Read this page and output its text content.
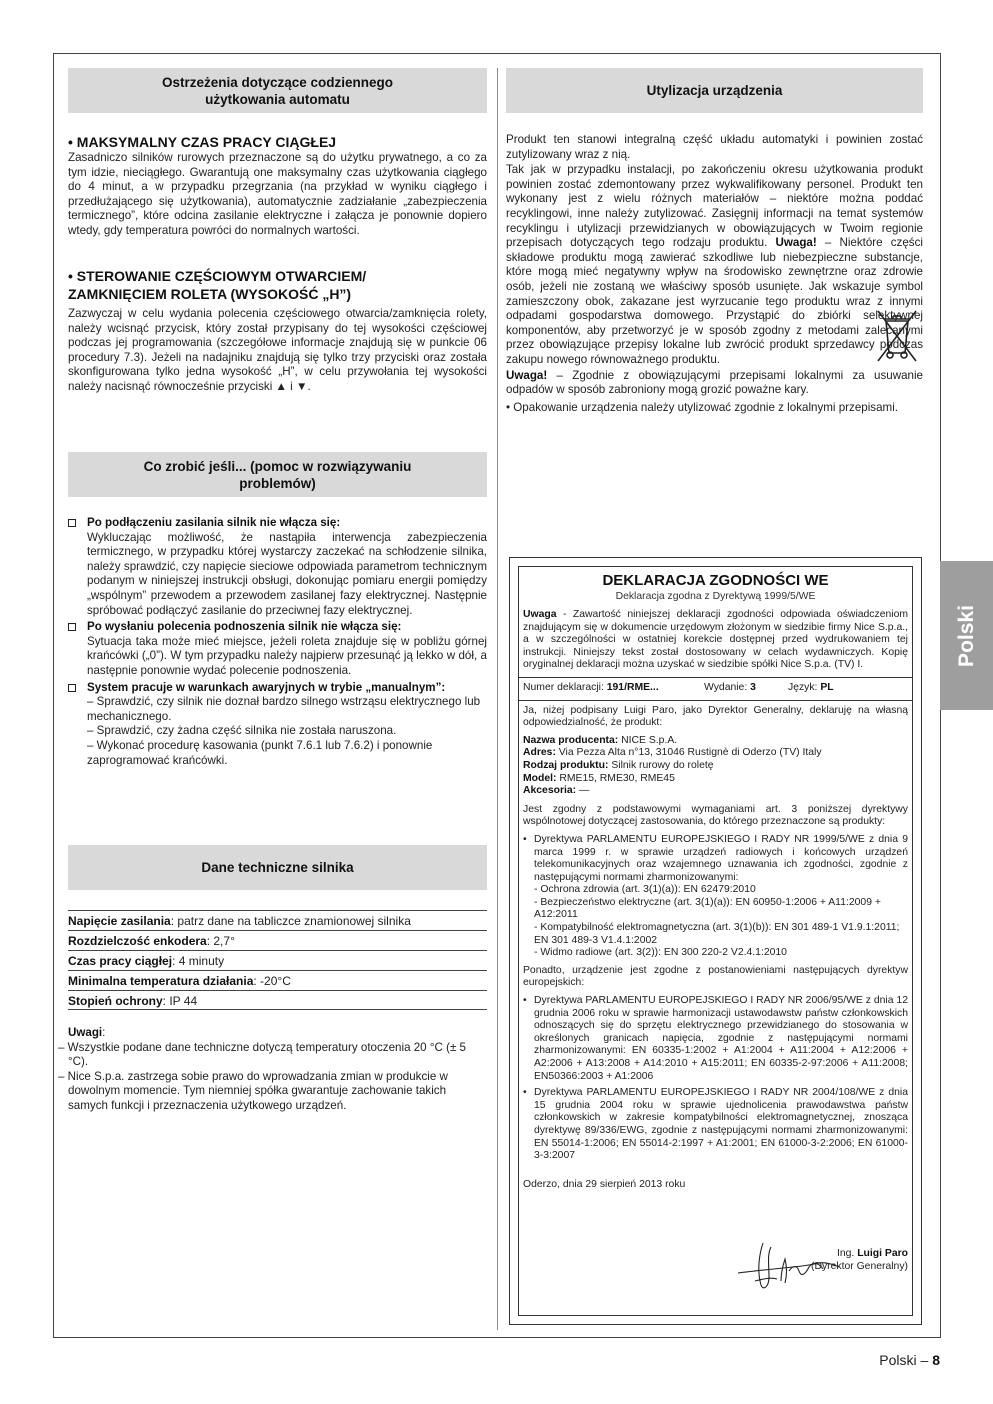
Ostrzeżenia dotyczące codziennego użytkowania automatu
• MAKSYMALNY CZAS PRACY CIĄGŁEJ

Zasadniczo silników rurowych przeznaczone są do użytku prywatnego, a co za tym idzie, nieciągłego. Gwarantują one maksymalny czas użytkowania ciągłego do 4 minut, a w przypadku przegrzania (na przykład w wyniku ciągłego i przedłużającego się użytkowania), automatycznie zadziałanie „zabezpieczenia termicznego”, które odcina zasilanie elektryczne i załącza je ponownie dopiero wtedy, gdy temperatura powróci do normalnych wartości.

• STEROWANIE CZĘŚCIOWYM OTWARCIEM/ ZAMKNIĘCIEM ROLETA (WYSOKOŚĆ „H”)

Zazwyczaj w celu wydania polecenia częściowego otwarcia/zamknięcia rolety, należy wcisnąć przycisk, który został przypisany do tej wysokości częściowej podczas jej programowania (szczegółowe informacje znajdują się w punkcie 06 procedury 7.3). Jeżeli na nadajniku znajdują się tylko trzy przyciski oraz została skonfigurowana tylko jedna wysokość „H”, w celu przywołania tej wysokości należy nacisnąć równocześnie przyciski ▲ i ▼.

Co zrobić jeśli... (pomoc w rozwiązywaniu problemów)
Po podłączeniu zasilania silnik nie włącza się:
Wykluczając możliwość, że nastąpiła interwencja zabezpieczenia termicznego, w przypadku której wystarczy zaczekać na schłodzenie silnika, należy sprawdzić, czy napięcie sieciowe odpowiada parametrom technicznym podanym w niniejszej instrukcji obsługi, dokonując pomiaru energii pomiędzy „wspólnym” przewodem a przewodem zasilanej fazy elektrycznej. Następnie spróbować podłączyć zasilanie do przeciwnej fazy elektrycznej.
Po wysłaniu polecenia podnoszenia silnik nie włącza się:
Sytuacja taka może mieć miejsce, jeżeli roleta znajduje się w pobliżu górnej krańcówki („0”). W tym przypadku należy najpierw przesunąć ją lekko w dół, a następnie ponownie wydać polecenie podnoszenia.
System pracuje w warunkach awaryjnych w trybie „manualnym”:
– Sprawdzić, czy silnik nie doznał bardzo silnego wstrząsu elektrycznego lub mechanicznego.
– Sprawdzić, czy żadna część silnika nie została naruszona.
– Wykonać procedurę kasowania (punkt 7.6.1 lub 7.6.2) i ponownie zaprogramować krańcówki.
Dane techniczne silnika
Napięcie zasilania: patrz dane na tabliczce znamionowej silnika
Rozdzielczość enkodera: 2,7°
Czas pracy ciągłej: 4 minuty
Minimalna temperatura działania: -20°C
Stopień ochrony: IP 44
Uwagi:
– Wszystkie podane dane techniczne dotyczą temperatury otoczenia 20 °C (± 5 °C).
– Nice S.p.a. zastrzega sobie prawo do wprowadzania zmian w produkcie w dowolnym momencie. Tym niemniej spółka gwarantuje zachowanie takich samych funkcji i przeznaczenia użytkowego urządzeń.
Utylizacja urządzenia

Produkt ten stanowi integralną część układu automatyki i powinien zostać zutylizowany wraz z nią.

Tak jak w przypadku instalacji, po zakończeniu okresu użytkowania produkt powinien zostać zdemontowany przez wykwalifikowany personel. Produkt ten wykonany jest z wielu różnych materiałów – niektóre można poddać recyklingowi, inne należy zutylizować. Zasięgnij informacji na temat systemów recyklingu i utylizacji przewidzianych w obowiązujących w Twoim regionie przepisach dotyczących tego rodzaju produktu. Uwaga! – Niektóre części składowe produktu mogą zawierać szkodliwe lub niebezpieczne substancje, które mogą mieć negatywny wpływ na środowisko zewnętrzne oraz zdrowie osób, jeżeli nie zostaną we właściwy sposób usunięte. Jak wskazuje symbol zamieszczony obok, zakazane jest wyrzucanie tego produktu wraz z innymi odpadami gospodarstwa domowego. Przystąpić do zbiórki selektywnej komponentów, aby przetworzyć je w sposób zgodny z metodami zalecanymi przez obowiązujące przepisy lokalne lub zwrócić produkt sprzedawcy podczas zakupu nowego równoważnego produktu.

Uwaga! – Zgodnie z obowiązującymi przepisami lokalnymi za usuwanie odpadów w sposób zabroniony mogą grozić poważne kary.

• Opakowanie urządzenia należy utylizować zgodnie z lokalnymi przepisami.

DEKLARACJA ZGODNOŚCI WE
Deklaracja zgodna z Dyrektywą 1999/5/WE
Uwaga - Zawartość niniejszej deklaracji zgodności odpowiada oświadczeniom znajdującym się w dokumencie urzędowym złożonym w siedzibie firmy Nice S.p.a., a w szczególności w ostatniej korekcie dostępnej przed wydrukowaniem tej instrukcji. Niniejszy tekst został dostosowany w celach wydawniczych. Kopię oryginalnej deklaracji można uzyskać w siedzibie spółki Nice S.p.a. (TV) I.
Numer deklaracji: 191/RME...	Wydanie: 3	Język: PL
Ja, niżej podpisany Luigi Paro, jako Dyrektor Generalny, deklaruję na własną odpowiedzialność, że produkt:
Nazwa producenta: NICE S.p.A.
Adres: Via Pezza Alta n°13, 31046 Rustignè di Oderzo (TV) Italy
Rodzaj produktu: Silnik rurowy do roletę
Model: RME15, RME30, RME45
Akcesoria: —
Jest zgodny z podstawowymi wymaganiami art. 3 poniższej dyrektywy wspólnotowej dotyczącej zastosowania, do którego przeznaczone są produkty:
• Dyrektywa PARLAMENTU EUROPEJSKIEGO I RADY NR 1999/5/WE z dnia 9 marca 1999 r. w sprawie urządzeń radiowych i końcowych urządzeń telekomunikacyjnych oraz wzajemnego uznawania ich zgodności, zgodnie z następującymi normami zharmonizowanymi:
- Ochrona zdrowia (art. 3(1)(a)): EN 62479:2010
- Bezpieczeństwo elektryczne (art. 3(1)(a)): EN 60950-1:2006 + A11:2009 + A12:2011
- Kompatybilność elektromagnetyczna (art. 3(1)(b)): EN 301 489-1 V1.9.1:2011; EN 301 489-3 V1.4.1:2002
- Widmo radiowe (art. 3(2)): EN 300 220-2 V2.4.1:2010
Ponadto, urządzenie jest zgodne z postanowieniami następujących dyrektyw europejskich:
• Dyrektywa PARLAMENTU EUROPEJSKIEGO I RADY NR 2006/95/WE z dnia 12 grudnia 2006 roku w sprawie harmonizacji ustawodawstw państw członkowskich odnoszących się do sprzętu elektrycznego przewidzianego do stosowania w określonych granicach napięcia, zgodnie z następującymi normami zharmonizowanymi: EN 60335-1:2002 + A1:2004 + A11:2004 + A12:2006 + A2:2006 + A13:2008 + A14:2010 + A15:2011; EN 60335-2-97:2006 + A11:2008; EN50366:2003 + A1:2006
• Dyrektywa PARLAMENTU EUROPEJSKIEGO I RADY NR 2004/108/WE z dnia 15 grudnia 2004 roku w sprawie ujednolicenia prawodawstwa państw członkowskich w zakresie kompatybilności elektromagnetycznej, znosząca dyrektywę 89/336/EWG, zgodnie z następującymi normami zharmonizowanymi: EN 55014-1:2006; EN 55014-2:1997 + A1:2001; EN 61000-3-2:2006; EN 61000-3-3:2007
Oderzo, dnia 29 sierpień 2013 roku
Ing. Luigi Paro
(Dyrektor Generalny)
Polski
Polski – 8
